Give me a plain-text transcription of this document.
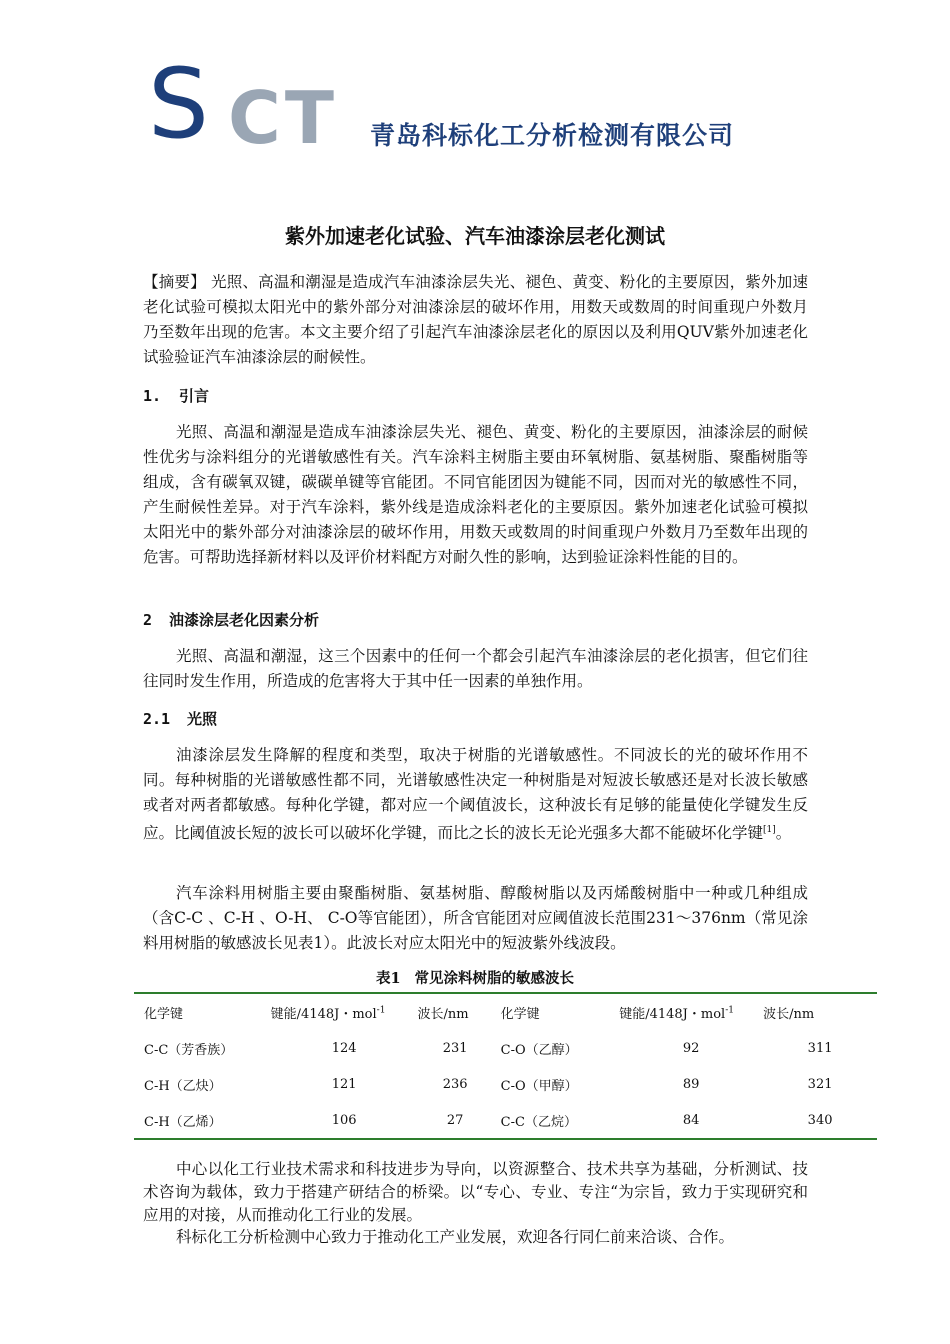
S CT 青岛科标化工分析检测有限公司
紫外加速老化试验、汽车油漆涂层老化测试
【摘要】 光照、高温和潮湿是造成汽车油漆涂层失光、褪色、黄变、粉化的主要原因，紫外加速老化试验可模拟太阳光中的紫外部分对油漆涂层的破坏作用，用数天或数周的时间重现户外数月乃至数年出现的危害。本文主要介绍了引起汽车油漆涂层老化的原因以及利用QUV紫外加速老化试验验证汽车油漆涂层的耐候性。
1. 引言
光照、高温和潮湿是造成车油漆涂层失光、褪色、黄变、粉化的主要原因，油漆涂层的耐候性优劣与涂料组分的光谱敏感性有关。汽车涂料主树脂主要由环氧树脂、氨基树脂、聚酯树脂等组成，含有碳氧双键，碳碳单键等官能团。不同官能团因为键能不同，因而对光的敏感性不同，产生耐候性差异。对于汽车涂料，紫外线是造成涂料老化的主要原因。紫外加速老化试验可模拟太阳光中的紫外部分对油漆涂层的破坏作用，用数天或数周的时间重现户外数月乃至数年出现的危害。可帮助选择新材料以及评价材料配方对耐久性的影响，达到验证涂料性能的目的。
2 油漆涂层老化因素分析
光照、高温和潮湿，这三个因素中的任何一个都会引起汽车油漆涂层的老化损害，但它们往往同时发生作用，所造成的危害将大于其中任一因素的单独作用。
2.1 光照
油漆涂层发生降解的程度和类型，取决于树脂的光谱敏感性。不同波长的光的破坏作用不同。每种树脂的光谱敏感性都不同，光谱敏感性决定一种树脂是对短波长敏感还是对长波长敏感或者对两者都敏感。每种化学键，都对应一个阈值波长，这种波长有足够的能量使化学键发生反应。比阈值波长短的波长可以破坏化学键，而比之长的波长无论光强多大都不能破坏化学键[1]。
汽车涂料用树脂主要由聚酯树脂、氨基树脂、醇酸树脂以及丙烯酸树脂中一种或几种组成（含C-C 、C-H 、O-H、 C-O等官能团），所含官能团对应阈值波长范围231～376nm（常见涂料用树脂的敏感波长见表1）。此波长对应太阳光中的短波紫外线波段。
表1 常见涂料树脂的敏感波长
化学键	键能/4148J・mol$^{-1}$	波长/nm	化学键	键能/4148J・mol$^{-1}$	波长/nm
C-C（芳香族）	124	231	C-O（乙醇）	92	311
C-H（乙炔）	121	236	C-O（甲醇）	89	321
C-H（乙烯）	106	27	C-C（乙烷）	84	340
中心以化工行业技术需求和科技进步为导向，以资源整合、技术共享为基础，分析测试、技术咨询为载体，致力于搭建产研结合的桥梁。以“专心、专业、专注“为宗旨，致力于实现研究和应用的对接，从而推动化工行业的发展。
科标化工分析检测中心致力于推动化工产业发展，欢迎各行同仁前来洽谈、合作。
